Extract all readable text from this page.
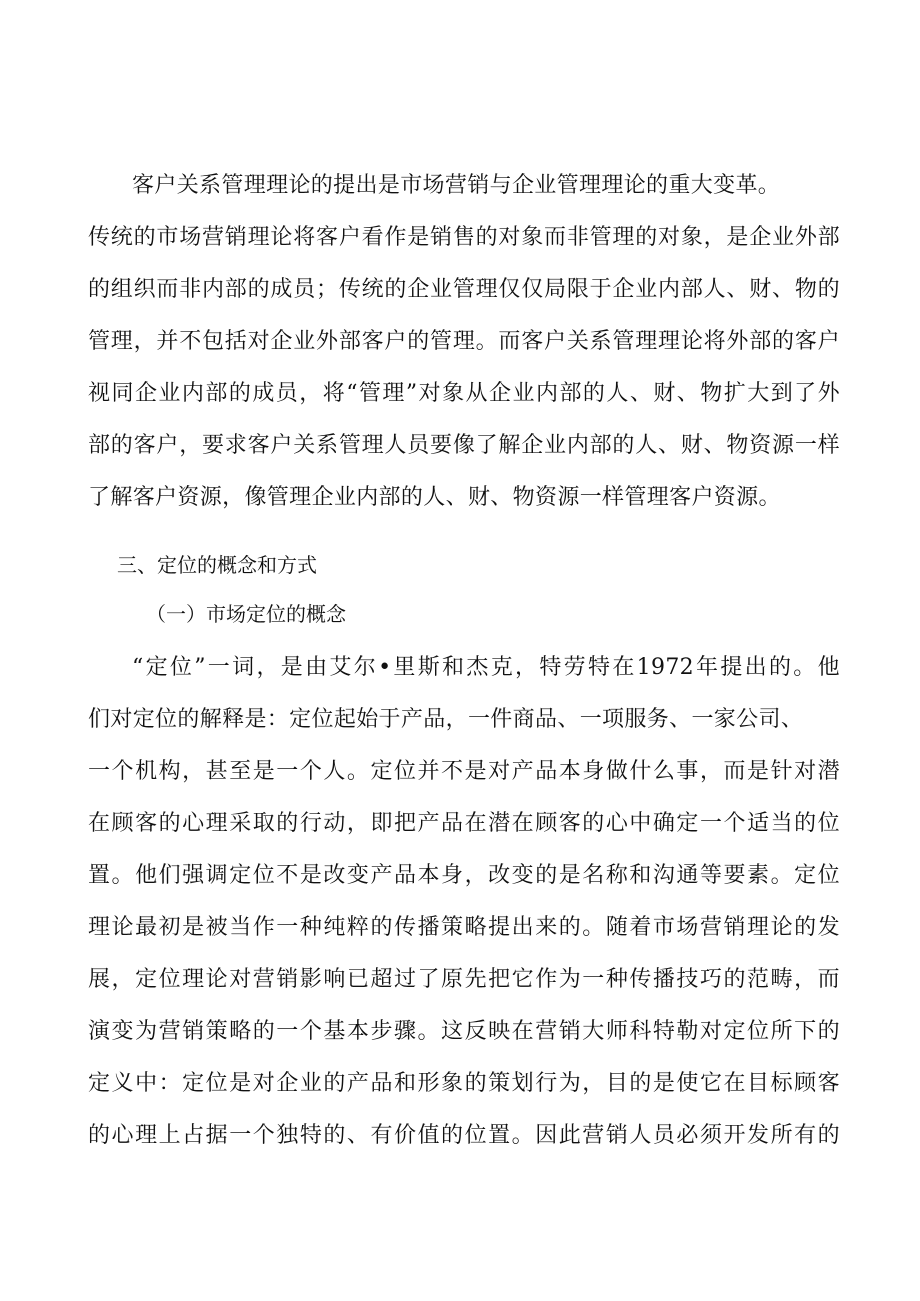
客户关系管理理论的提出是市场营销与企业管理理论的重大变革。
传统的市场营销理论将客户看作是销售的对象而非管理的对象，是企业外部
的组织而非内部的成员；传统的企业管理仅仅局限于企业内部人、财、物的
管理，并不包括对企业外部客户的管理。而客户关系管理理论将外部的客户
视同企业内部的成员，将“管理”对象从企业内部的人、财、物扩大到了外
部的客户，要求客户关系管理人员要像了解企业内部的人、财、物资源一样
了解客户资源，像管理企业内部的人、财、物资源一样管理客户资源。
三、定位的概念和方式
（一）市场定位的概念
“定位”一词，是由艾尔•里斯和杰克，特劳特在1972年提出的。他
们对定位的解释是：定位起始于产品，一件商品、一项服务、一家公司、
一个机构，甚至是一个人。定位并不是对产品本身做什么事，而是针对潜
在顾客的心理采取的行动，即把产品在潜在顾客的心中确定一个适当的位
置。他们强调定位不是改变产品本身，改变的是名称和沟通等要素。定位
理论最初是被当作一种纯粹的传播策略提出来的。随着市场营销理论的发
展，定位理论对营销影响已超过了原先把它作为一种传播技巧的范畴，而
演变为营销策略的一个基本步骤。这反映在营销大师科特勒对定位所下的
定义中：定位是对企业的产品和形象的策划行为，目的是使它在目标顾客
的心理上占据一个独特的、有价值的位置。因此营销人员必须开发所有的
